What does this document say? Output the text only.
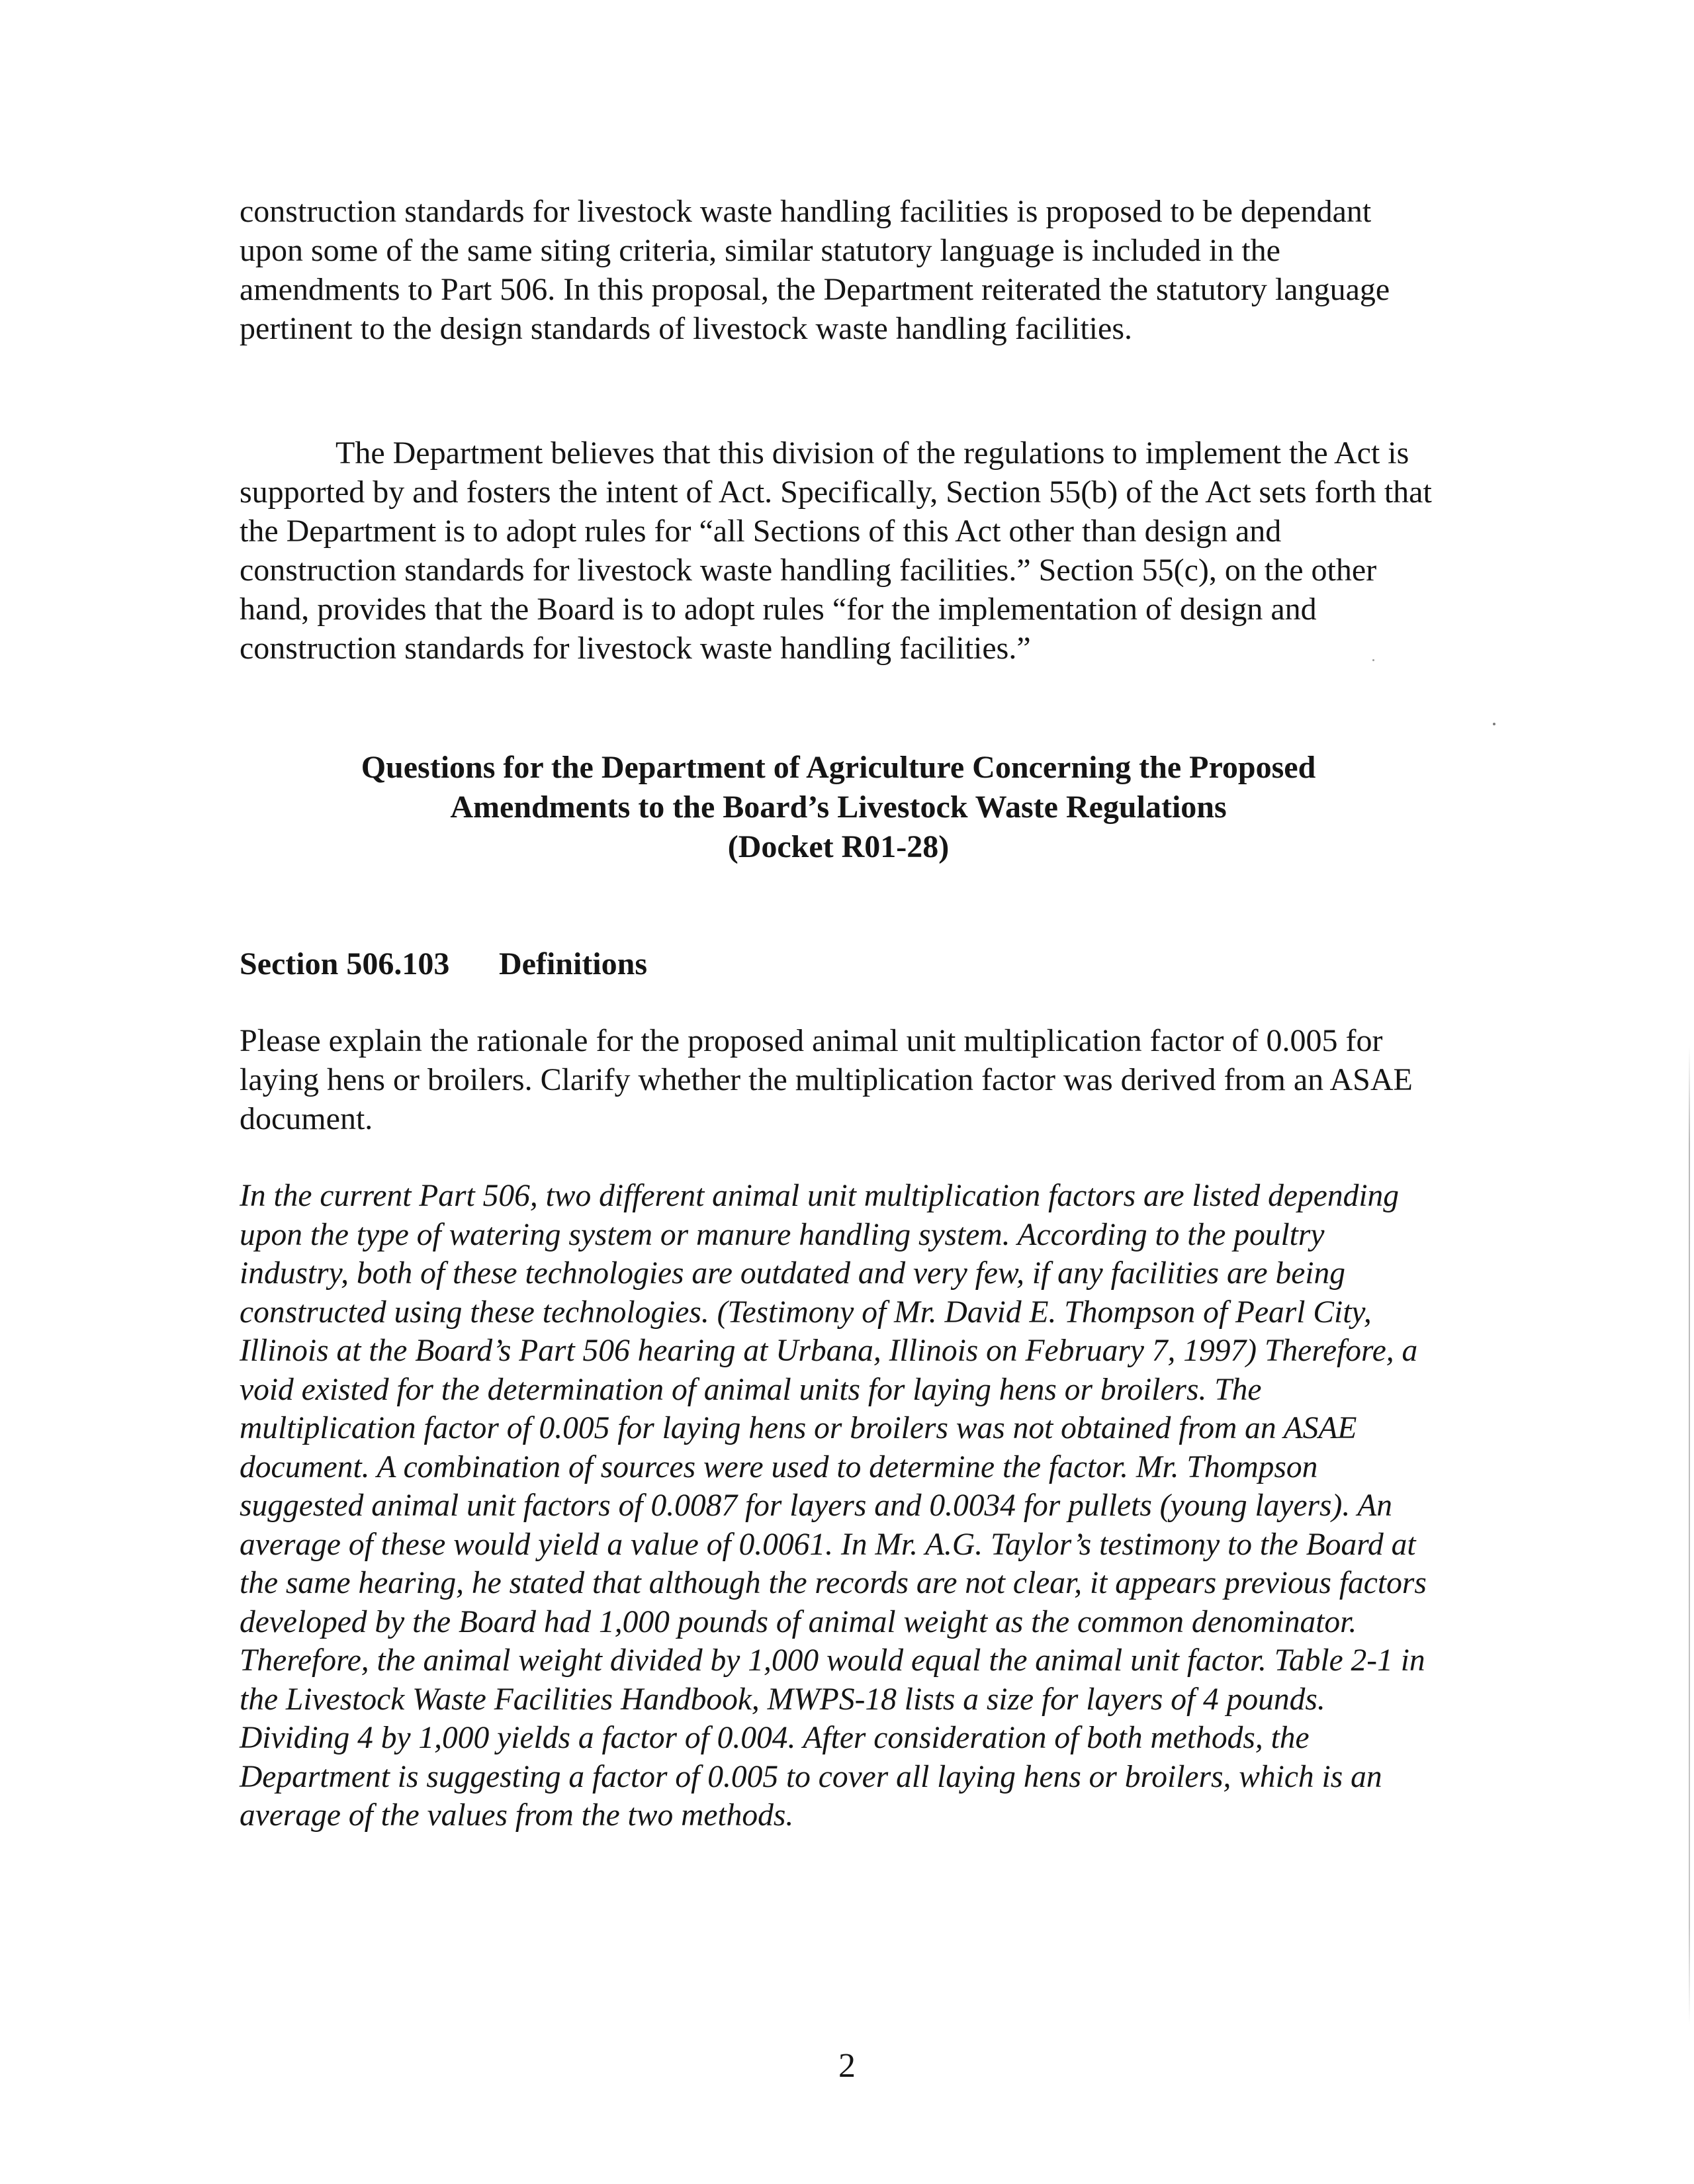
construction standards for livestock waste handling facilities is proposed to be dependant upon some of the same siting criteria, similar statutory language is included in the amendments to Part 506. In this proposal, the Department reiterated the statutory language pertinent to the design standards of livestock waste handling facilities.

The Department believes that this division of the regulations to implement the Act is supported by and fosters the intent of Act. Specifically, Section 55(b) of the Act sets forth that the Department is to adopt rules for “all Sections of this Act other than design and construction standards for livestock waste handling facilities.” Section 55(c), on the other hand, provides that the Board is to adopt rules “for the implementation of design and construction standards for livestock waste handling facilities.”

Questions for the Department of Agriculture Concerning the Proposed
Amendments to the Board’s Livestock Waste Regulations
(Docket R01-28)
Section 506.103 Definitions

Please explain the rationale for the proposed animal unit multiplication factor of 0.005 for laying hens or broilers. Clarify whether the multiplication factor was derived from an ASAE document.

In the current Part 506, two different animal unit multiplication factors are listed depending upon the type of watering system or manure handling system. According to the poultry industry, both of these technologies are outdated and very few, if any facilities are being constructed using these technologies. (Testimony of Mr. David E. Thompson of Pearl City, Illinois at the Board’s Part 506 hearing at Urbana, Illinois on February 7, 1997) Therefore, a void existed for the determination of animal units for laying hens or broilers. The multiplication factor of 0.005 for laying hens or broilers was not obtained from an ASAE document. A combination of sources were used to determine the factor. Mr. Thompson suggested animal unit factors of 0.0087 for layers and 0.0034 for pullets (young layers). An average of these would yield a value of 0.0061. In Mr. A.G. Taylor’s testimony to the Board at the same hearing, he stated that although the records are not clear, it appears previous factors developed by the Board had 1,000 pounds of animal weight as the common denominator. Therefore, the animal weight divided by 1,000 would equal the animal unit factor. Table 2-1 in the Livestock Waste Facilities Handbook, MWPS-18 lists a size for layers of 4 pounds. Dividing 4 by 1,000 yields a factor of 0.004. After consideration of both methods, the Department is suggesting a factor of 0.005 to cover all laying hens or broilers, which is an average of the values from the two methods.

2
